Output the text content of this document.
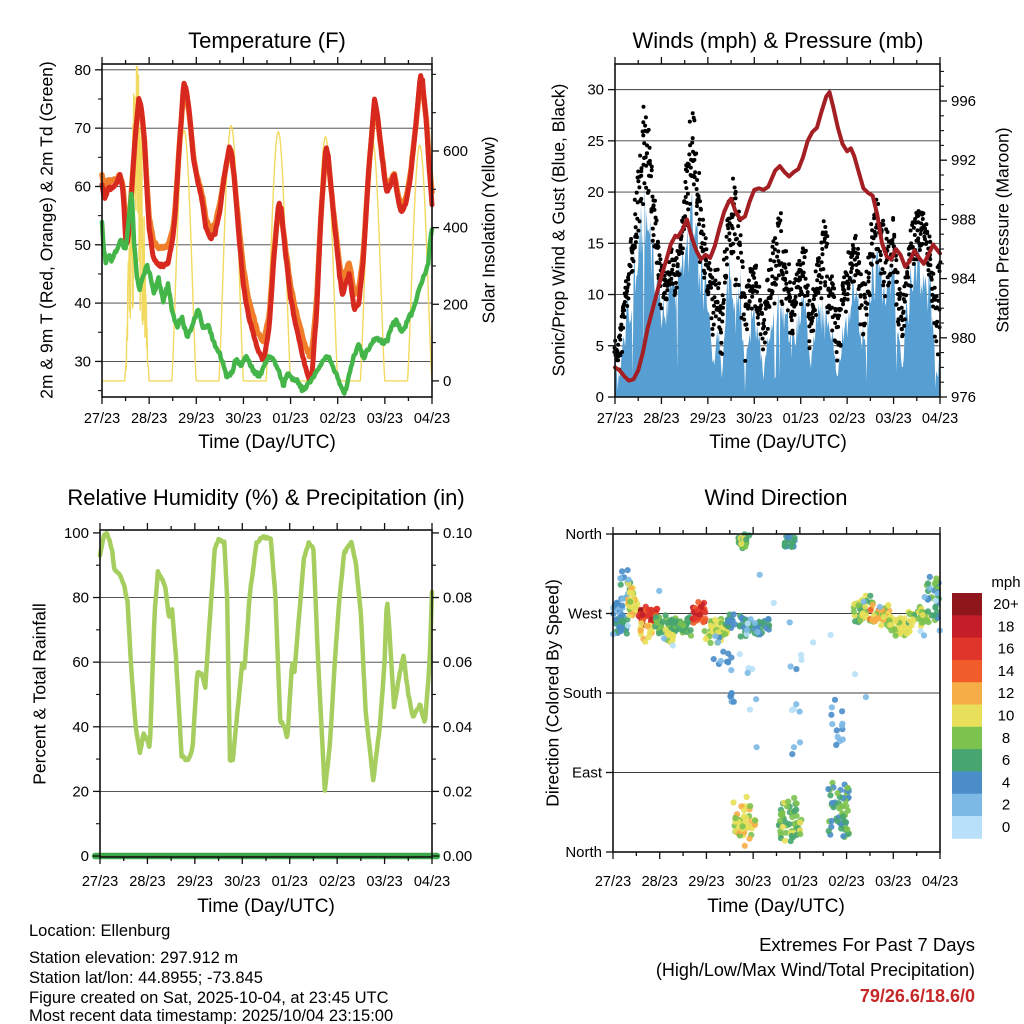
27/23 28/23 29/23 30/23 01/23 02/23 03/23 04/23
30
40
50
60
70
80
0
200
400
600
27/23 28/23 29/23 30/23 01/23 02/23 03/23 04/23
0
5
10
15
20
25
30
976
980
984
988
992
996
27/23 28/23 29/23 30/23 01/23 02/23 03/23 04/23
0
20
40
60
80
100
0.00
0.02
0.04
0.06
0.08
0.10
27/23 28/23 29/23 30/23 01/23 02/23 03/23 04/23
North
East
South
West
North
20+
18
16
14
12
10
8
6
4
2
0
Temperature (F)	Winds (mph) & Pressure (mb)
Relative Humidity (%) & Precipitation (in)	Wind Direction
Time (Day/UTC)	Time (Day/UTC)
Time (Day/UTC)	Time (Day/UTC)
2m & 9m T (Red, Orange) & 2m Td (Green)	Solar Insolation (Yellow)	Sonic/Prop Wind & Gust (Blue, Black)	Station Pressure (Maroon)
Percent & Total Rainfall	Direction (Colored By Speed)	mph
Location: Ellenburg
Station elevation: 297.912 m
Station lat/lon: 44.8955; -73.845
Figure created on Sat, 2025-10-04, at 23:45 UTC
Most recent data timestamp: 2025/10/04 23:15:00
Extremes For Past 7 Days
(High/Low/Max Wind/Total Precipitation)
79/26.6/18.6/0
